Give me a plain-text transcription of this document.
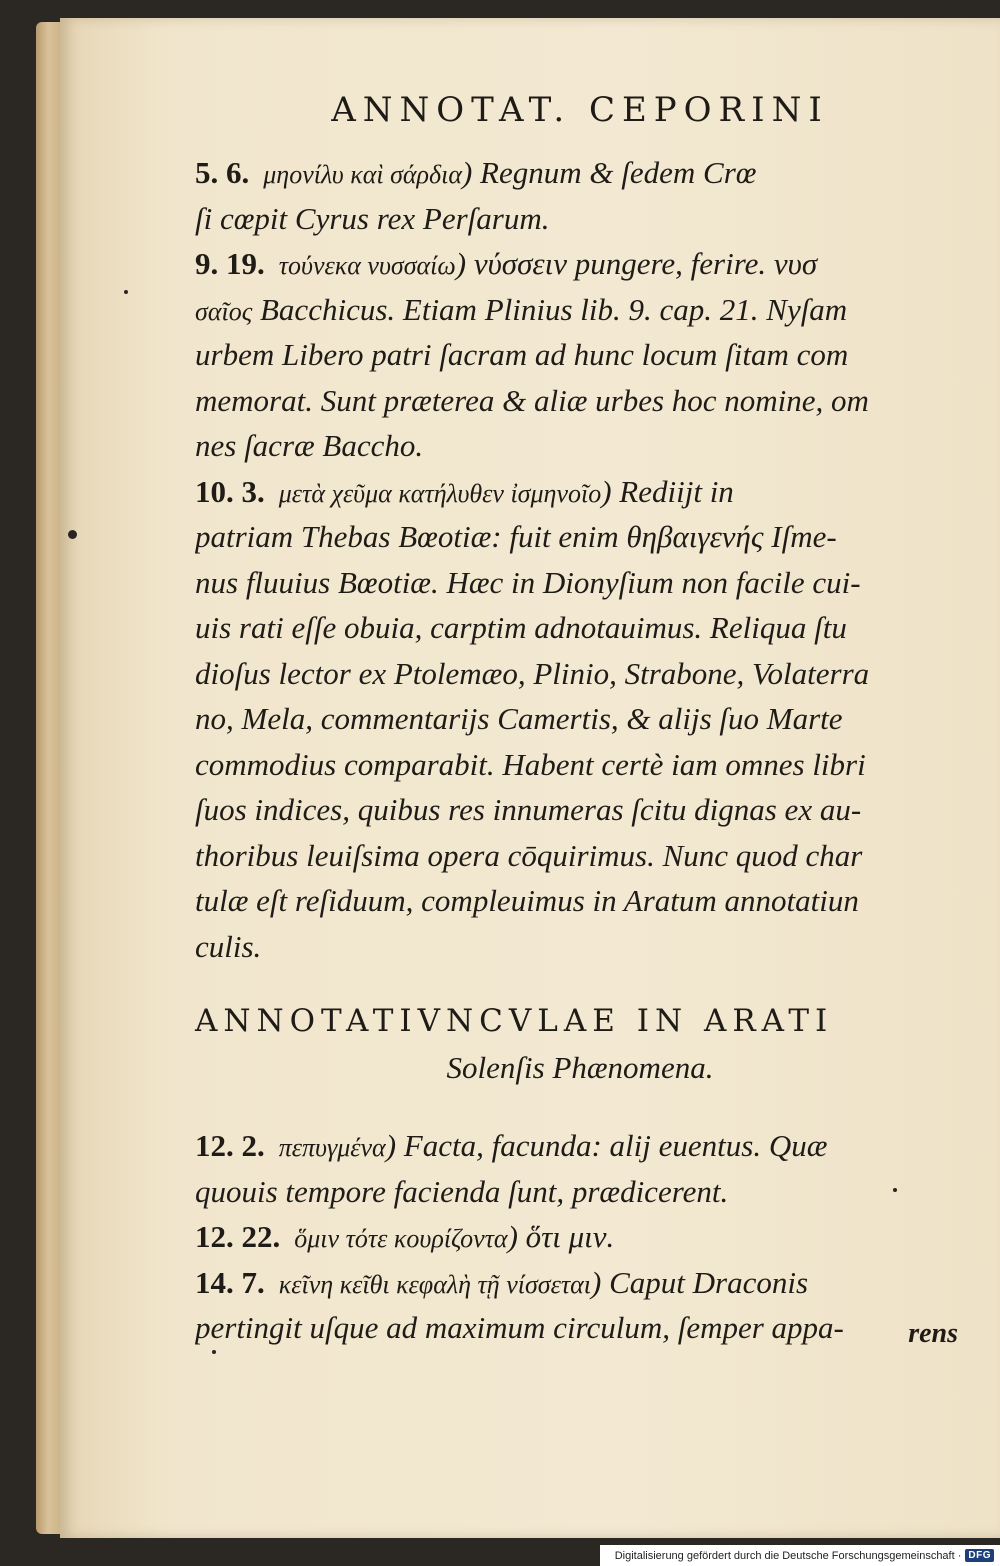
ANNOTAT. CEPORINI
5. 6. μηονίλυ καὶ σάρδια) Regnum & ſedem Crœ
ſi cœpit Cyrus rex Perſarum.
9. 19. τούνεκα νυσσαίω) νύσσειν pungere, ferire. νυσ
σαῖος Bacchicus. Etiam Plinius lib. 9. cap. 21. Nyſam
urbem Libero patri ſacram ad hunc locum ſitam com
memorat. Sunt præterea & aliæ urbes hoc nomine, om
nes ſacræ Baccho.
10. 3. μετὰ χεῦμα κατήλυθεν ἰσμηνοῖο) Rediijt in
patriam Thebas Bœotiæ: fuit enim θηβαιγενής Iſme-
nus fluuius Bœotiæ. Hæc in Dionyſium non facile cui-
uis rati eſſe obuia, carptim adnotauimus. Reliqua ſtu
dioſus lector ex Ptolemæo, Plinio, Strabone, Volaterra
no, Mela, commentarijs Camertis, & alijs ſuo Marte
commodius comparabit. Habent certè iam omnes libri
ſuos indices, quibus res innumeras ſcitu dignas ex au-
thoribus leuiſsima opera cōquirimus. Nunc quod char
tulæ eſt reſiduum, compleuimus in Aratum annotatiun
culis.
ANNOTATIVNCVLAE IN ARATI
Solenſis Phænomena.
12. 2. πεπυγμένα) Facta, facunda: alij euentus. Quæ
quouis tempore facienda ſunt, prædicerent.
12. 22. ὅμιν τότε κουρίζοντα) ὅτι μιν.
14. 7. κεῖνη κεῖθι κεφαλὴ τῇ νίσσεται) Caput Draconis
pertingit uſque ad maximum circulum, ſemper appa-	rens
Digitalisierung gefördert durch die Deutsche Forschungsgemeinschaft · DFG
